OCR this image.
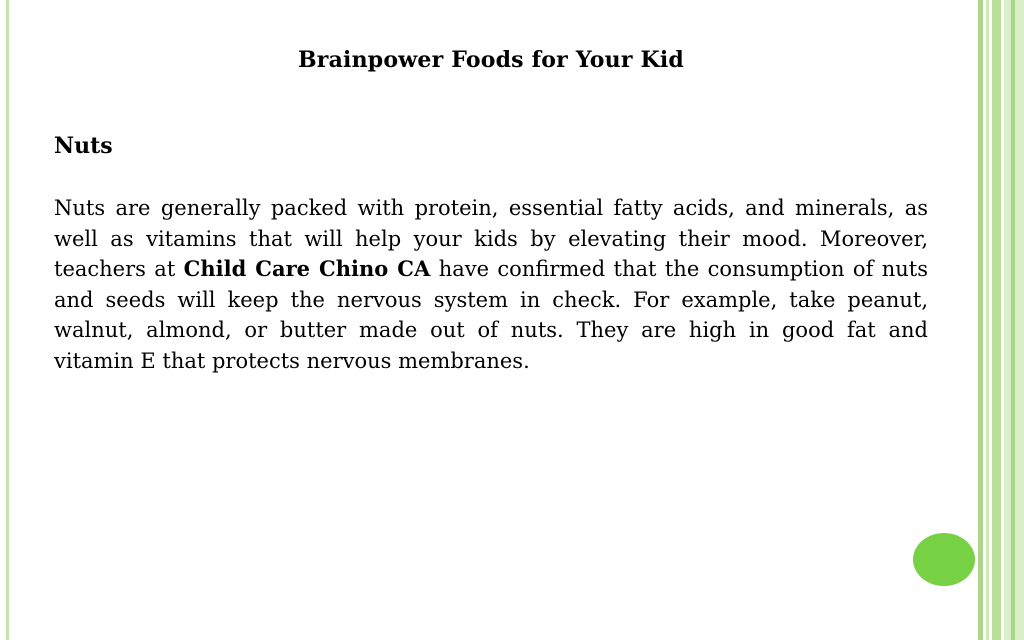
Brainpower Foods for Your Kid
Nuts

Nuts are generally packed with protein, essential fatty acids, and minerals, as well as vitamins that will help your kids by elevating their mood. Moreover, teachers at Child Care Chino CA have confirmed that the consumption of nuts and seeds will keep the nervous system in check. For example, take peanut, walnut, almond, or butter made out of nuts. They are high in good fat and vitamin E that protects nervous membranes.
